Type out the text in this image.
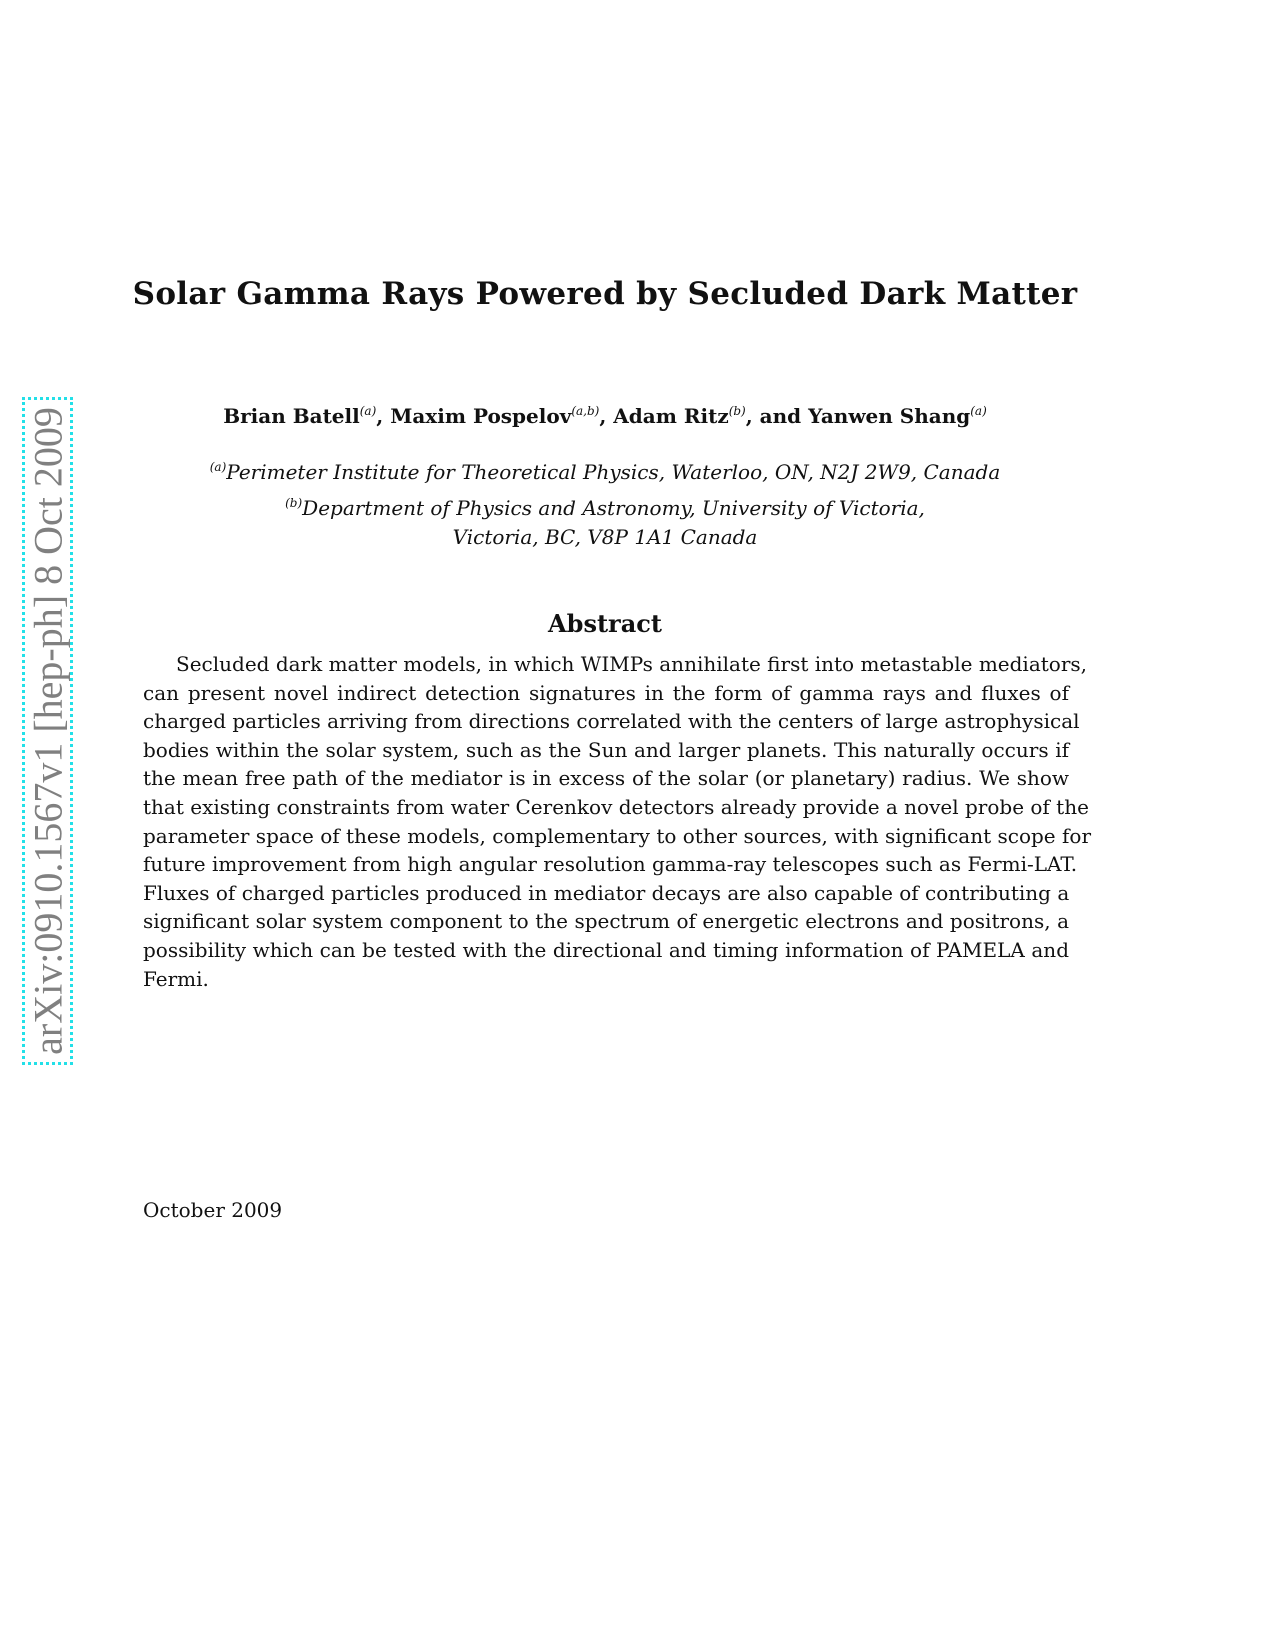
arXiv:0910.1567v1 [hep-ph] 8 Oct 2009
Solar Gamma Rays Powered by Secluded Dark Matter
Brian Batell$^{(a)}$, Maxim Pospelov$^{(a,b)}$, Adam Ritz$^{(b)}$, and Yanwen Shang$^{(a)}$
$^{(a)}$Perimeter Institute for Theoretical Physics, Waterloo, ON, N2J 2W9, Canada
$^{(b)}$Department of Physics and Astronomy, University of Victoria,
Victoria, BC, V8P 1A1 Canada
Abstract
Secluded dark matter models, in which WIMPs annihilate first into metastable mediators,
can present novel indirect detection signatures in the form of gamma rays and fluxes of
charged particles arriving from directions correlated with the centers of large astrophysical
bodies within the solar system, such as the Sun and larger planets. This naturally occurs if
the mean free path of the mediator is in excess of the solar (or planetary) radius. We show
that existing constraints from water Cerenkov detectors already provide a novel probe of the
parameter space of these models, complementary to other sources, with significant scope for
future improvement from high angular resolution gamma-ray telescopes such as Fermi-LAT.
Fluxes of charged particles produced in mediator decays are also capable of contributing a
significant solar system component to the spectrum of energetic electrons and positrons, a
possibility which can be tested with the directional and timing information of PAMELA and
Fermi.
October 2009
